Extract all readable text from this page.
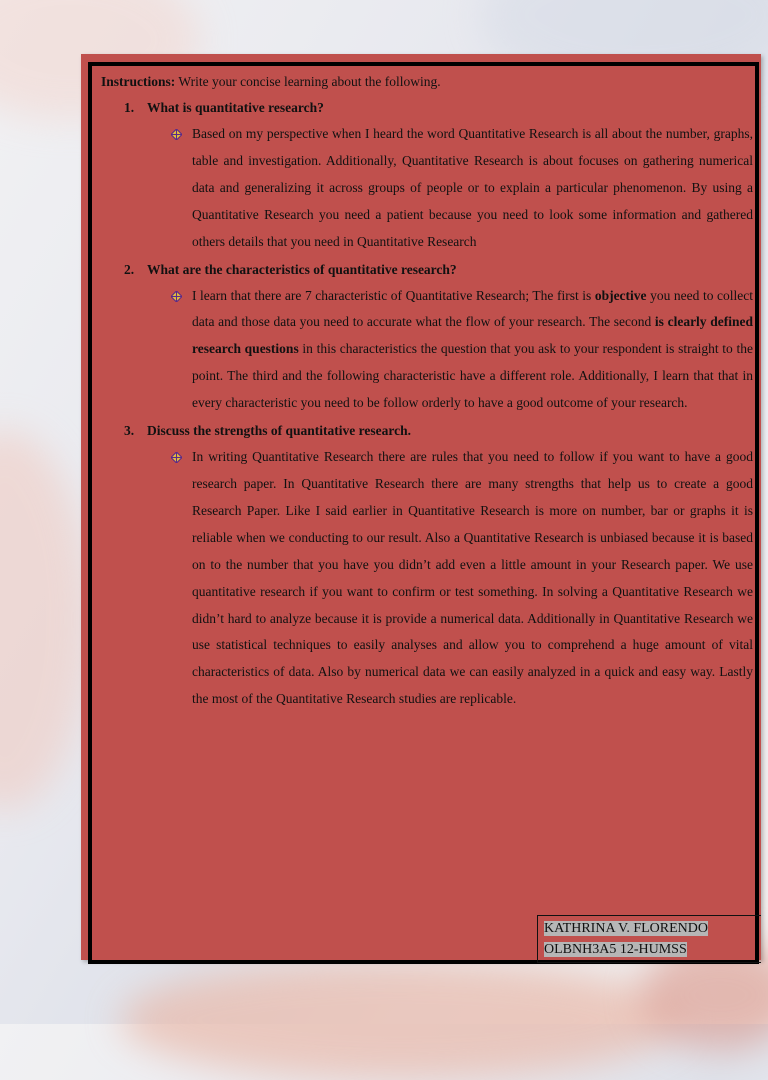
Instructions: Write your concise learning about the following.
1. What is quantitative research?

Based on my perspective when I heard the word Quantitative Research is all about the number, graphs, table and investigation. Additionally, Quantitative Research is about focuses on gathering numerical data and generalizing it across groups of people or to explain a particular phenomenon. By using a Quantitative Research you need a patient because you need to look some information and gathered others details that you need in Quantitative Research

2. What are the characteristics of quantitative research?

I learn that there are 7 characteristic of Quantitative Research; The first is objective you need to collect data and those data you need to accurate what the flow of your research. The second is clearly defined research questions in this characteristics the question that you ask to your respondent is straight to the point. The third and the following characteristic have a different role. Additionally, I learn that that in every characteristic you need to be follow orderly to have a good outcome of your research.

3. Discuss the strengths of quantitative research.

In writing Quantitative Research there are rules that you need to follow if you want to have a good research paper. In Quantitative Research there are many strengths that help us to create a good Research Paper. Like I said earlier in Quantitative Research is more on number, bar or graphs it is reliable when we conducting to our result. Also a Quantitative Research is unbiased because it is based on to the number that you have you didn’t add even a little amount in your Research paper. We use quantitative research if you want to confirm or test something. In solving a Quantitative Research we didn’t hard to analyze because it is provide a numerical data. Additionally in Quantitative Research we use statistical techniques to easily analyses and allow you to comprehend a huge amount of vital characteristics of data. Also by numerical data we can easily analyzed in a quick and easy way. Lastly the most of the Quantitative Research studies are replicable.

KATHRINA V. FLORENDO
OLBNH3A5 12-HUMSS
